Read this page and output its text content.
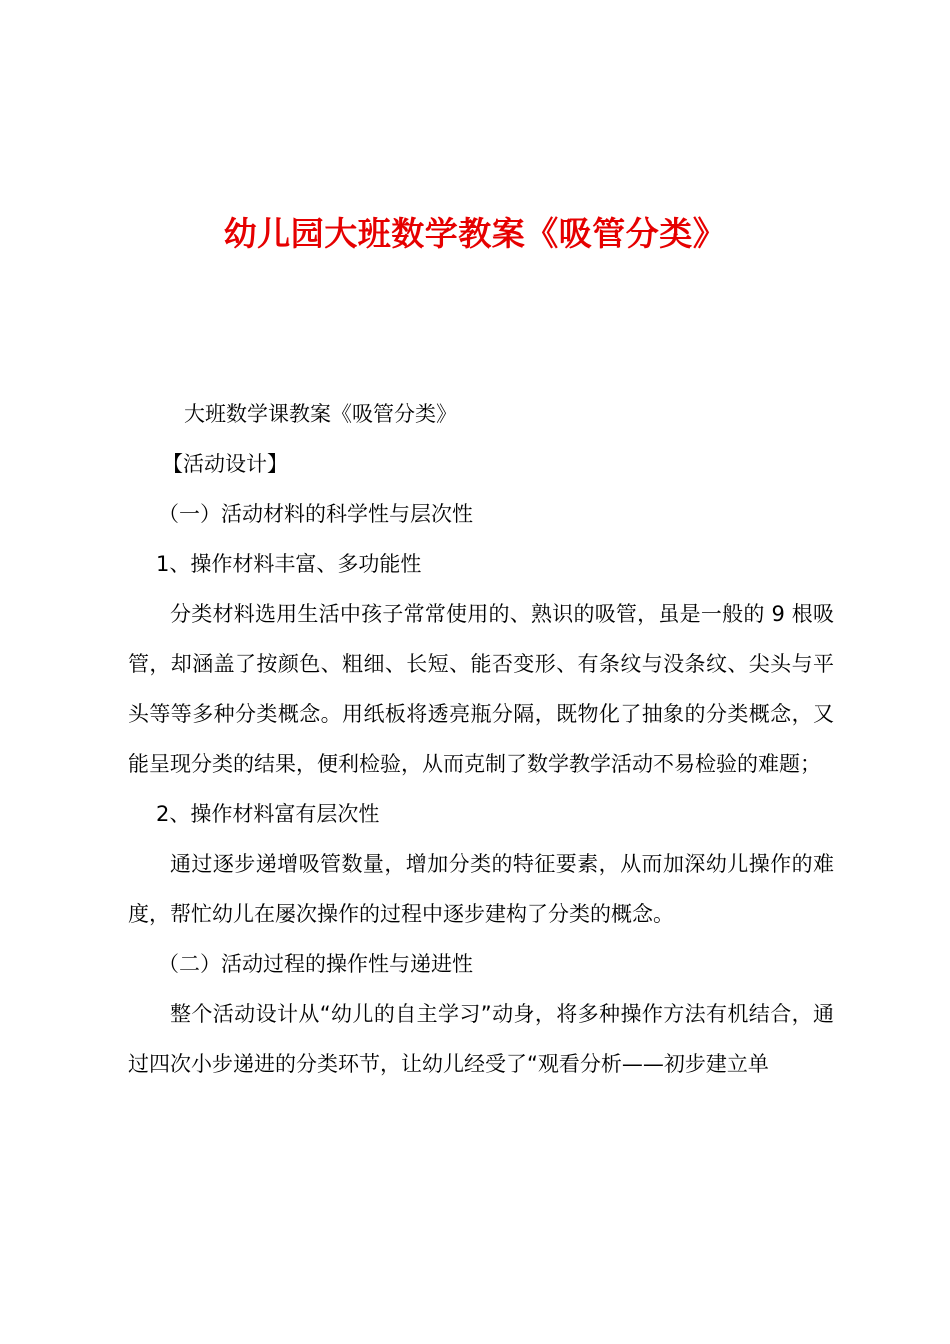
幼儿园大班数学教案《吸管分类》
大班数学课教案《吸管分类》
【活动设计】
（一）活动材料的科学性与层次性
1、操作材料丰富、多功能性

分类材料选用生活中孩子常常使用的、熟识的吸管，虽是一般的 9 根吸管，却涵盖了按颜色、粗细、长短、能否变形、有条纹与没条纹、尖头与平头等等多种分类概念。用纸板将透亮瓶分隔，既物化了抽象的分类概念，又能呈现分类的结果，便利检验，从而克制了数学教学活动不易检验的难题；

2、操作材料富有层次性

通过逐步递增吸管数量，增加分类的特征要素，从而加深幼儿操作的难度，帮忙幼儿在屡次操作的过程中逐步建构了分类的概念。

（二）活动过程的操作性与递进性

整个活动设计从“幼儿的自主学习”动身，将多种操作方法有机结合，通过四次小步递进的分类环节，让幼儿经受了“观看分析——初步建立单
